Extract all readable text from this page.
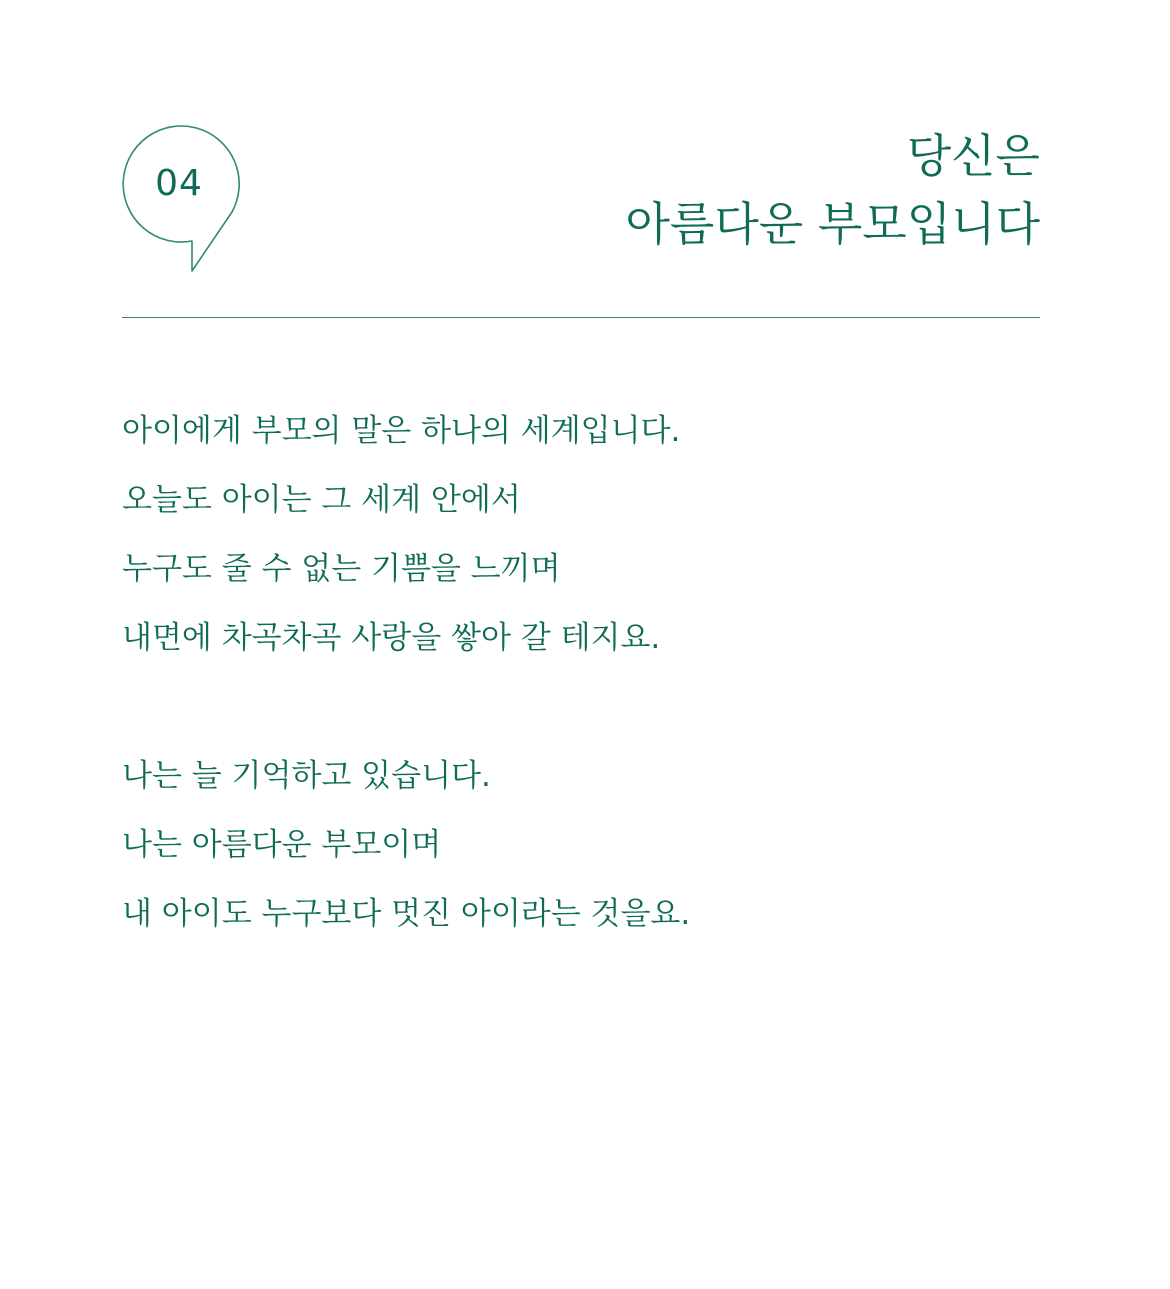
04
당신은
아름다운 부모입니다
아이에게 부모의 말은 하나의 세계입니다.
오늘도 아이는 그 세계 안에서
누구도 줄 수 없는 기쁨을 느끼며
내면에 차곡차곡 사랑을 쌓아 갈 테지요.
나는 늘 기억하고 있습니다.
나는 아름다운 부모이며
내 아이도 누구보다 멋진 아이라는 것을요.
